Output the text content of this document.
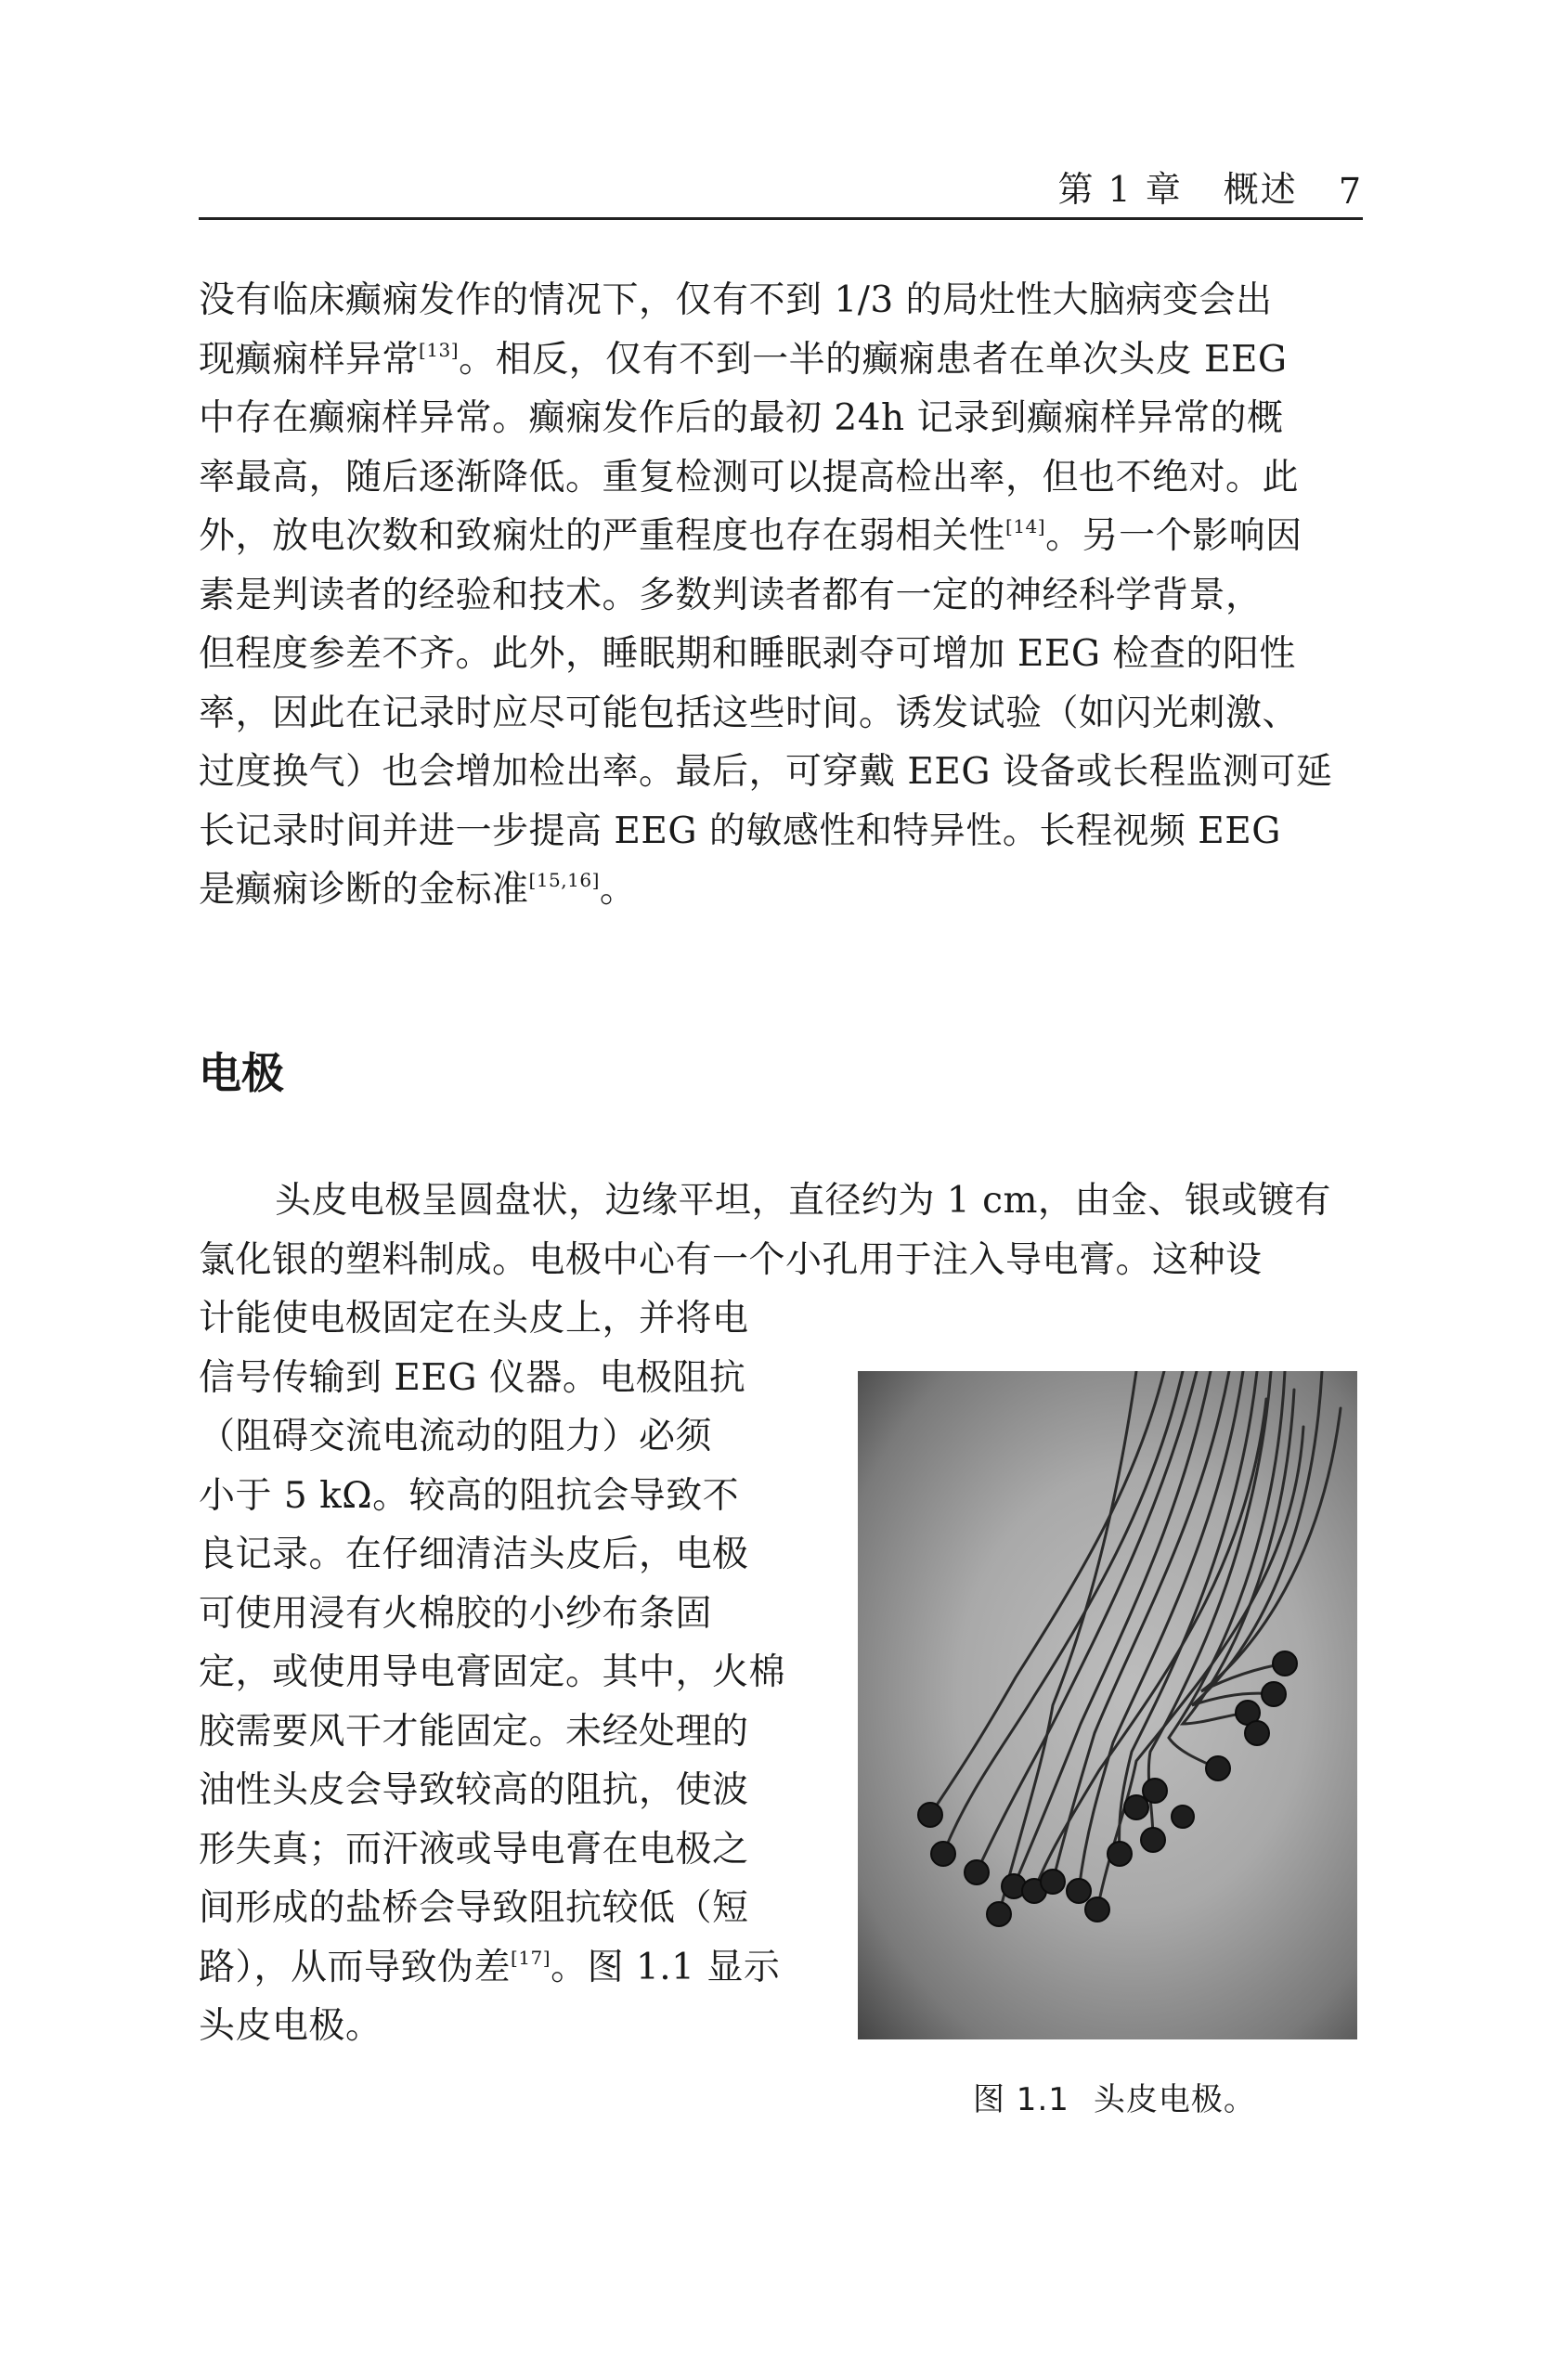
第 1 章 概述 7
没有临床癫痫发作的情况下，仅有不到 1/3 的局灶性大脑病变会出
现癫痫样异常[13]。相反，仅有不到一半的癫痫患者在单次头皮 EEG
中存在癫痫样异常。癫痫发作后的最初 24h 记录到癫痫样异常的概
率最高，随后逐渐降低。重复检测可以提高检出率，但也不绝对。此
外，放电次数和致痫灶的严重程度也存在弱相关性[14]。另一个影响因
素是判读者的经验和技术。多数判读者都有一定的神经科学背景，
但程度参差不齐。此外，睡眠期和睡眠剥夺可增加 EEG 检查的阳性
率，因此在记录时应尽可能包括这些时间。诱发试验（如闪光刺激、
过度换气）也会增加检出率。最后，可穿戴 EEG 设备或长程监测可延
长记录时间并进一步提高 EEG 的敏感性和特异性。长程视频 EEG
是癫痫诊断的金标准[15,16]。
电极
头皮电极呈圆盘状，边缘平坦，直径约为 1 cm，由金、银或镀有
氯化银的塑料制成。电极中心有一个小孔用于注入导电膏。这种设
计能使电极固定在头皮上，并将电
信号传输到 EEG 仪器。电极阻抗
（阻碍交流电流动的阻力）必须
小于 5 kΩ。较高的阻抗会导致不
良记录。在仔细清洁头皮后，电极
可使用浸有火棉胶的小纱布条固
定，或使用导电膏固定。其中，火棉
胶需要风干才能固定。未经处理的
油性头皮会导致较高的阻抗，使波
形失真；而汗液或导电膏在电极之
间形成的盐桥会导致阻抗较低（短
路），从而导致伪差[17]。图 1.1 显示
头皮电极。
图 1.1 头皮电极。
